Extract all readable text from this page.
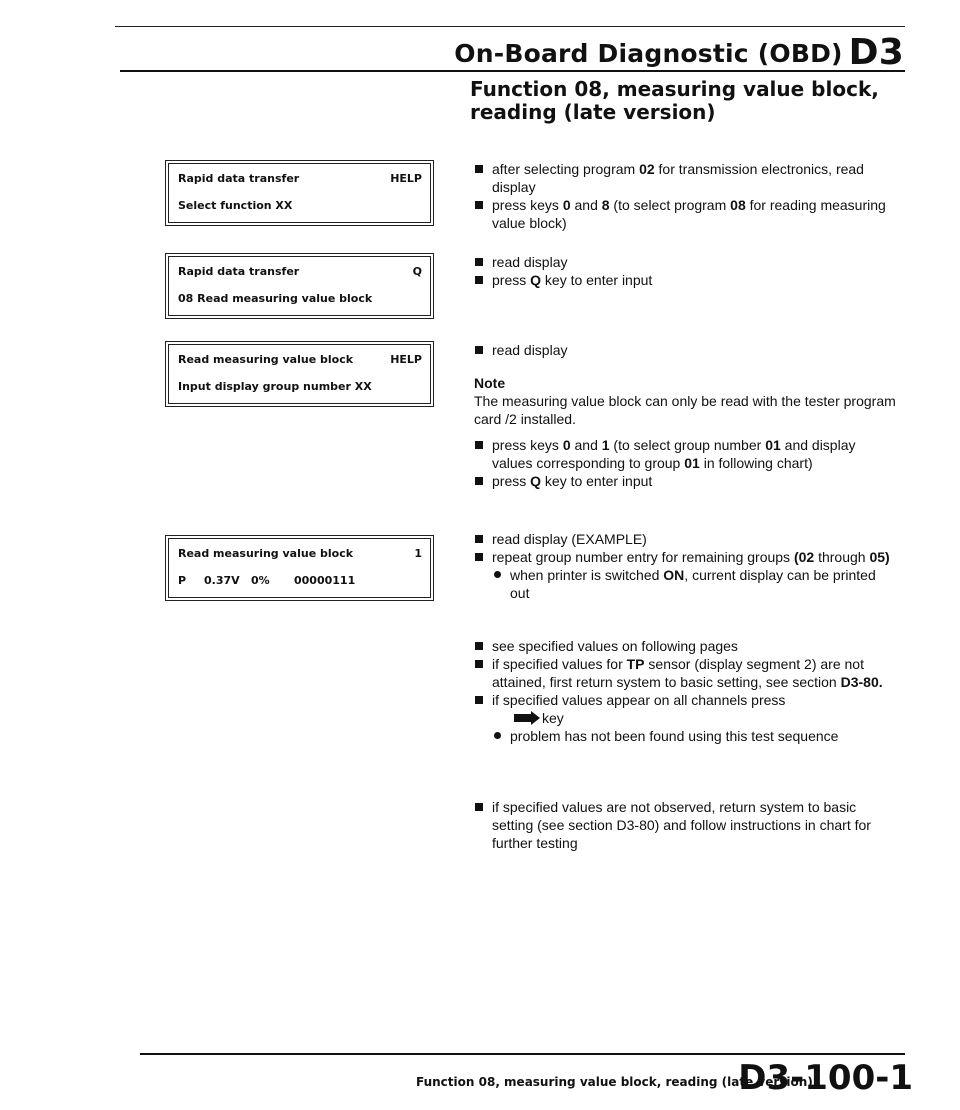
On-Board Diagnostic (OBD) D3
Function 08, measuring value block, reading (late version)
Rapid data transfer	HELP
Select function XX
Rapid data transfer	Q
08 Read measuring value block
Read measuring value block	HELP
Input display group number XX
Read measuring value block	1
P 0.37V 0% 00000111
after selecting program 02 for transmission electronics, read display
press keys 0 and 8 (to select program 08 for reading measuring value block)
read display
press Q key to enter input
read display
Note
The measuring value block can only be read with the tester program card /2 installed.
press keys 0 and 1 (to select group number 01 and display values corresponding to group 01 in following chart)
press Q key to enter input
read display (EXAMPLE)
repeat group number entry for remaining groups (02 through 05)
when printer is switched ON, current display can be printed out
see specified values on following pages
if specified values for TP sensor (display segment 2) are not attained, first return system to basic setting, see section D3-80.
if specified values appear on all channels press
key
problem has not been found using this test sequence
if specified values are not observed, return system to basic setting (see section D3-80) and follow instructions in chart for further testing
Function 08, measuring value block, reading (late version)
D3-100-1
